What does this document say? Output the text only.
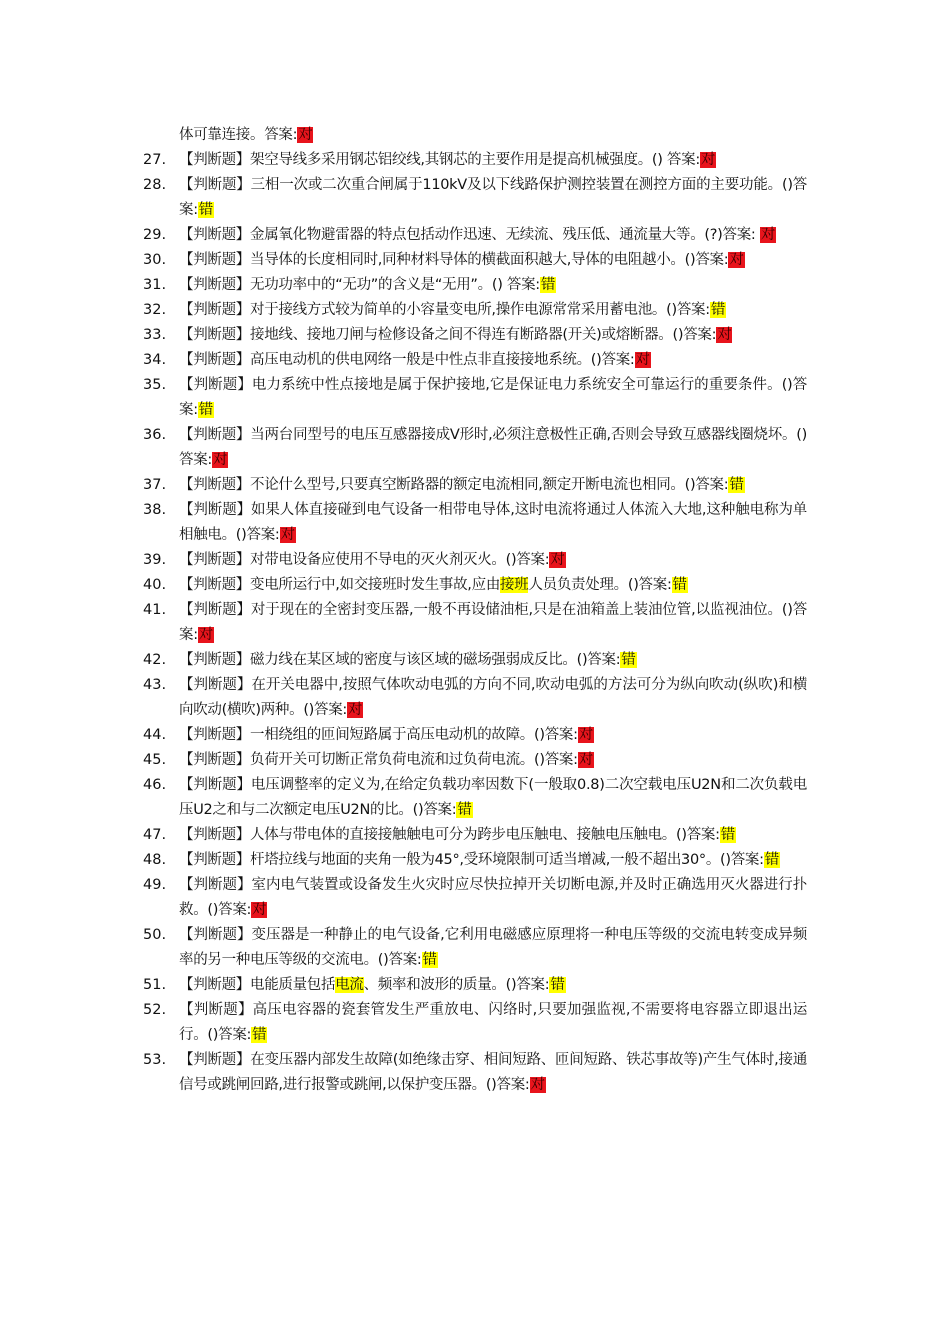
体可靠连接。答案:对
27. 【判断题】架空导线多采用钢芯铝绞线,其钢芯的主要作用是提高机械强度。() 答案:对
28. 【判断题】三相一次或二次重合闸属于110kV及以下线路保护测控装置在测控方面的主要功能。()答案:错
29. 【判断题】金属氧化物避雷器的特点包括动作迅速、无续流、残压低、通流量大等。(?)答案: 对
30. 【判断题】当导体的长度相同时,同种材料导体的横截面积越大,导体的电阻越小。()答案:对
31. 【判断题】无功功率中的“无功”的含义是“无用”。() 答案:错
32. 【判断题】对于接线方式较为简单的小容量变电所,操作电源常常采用蓄电池。()答案:错
33. 【判断题】接地线、接地刀闸与检修设备之间不得连有断路器(开关)或熔断器。()答案:对
34. 【判断题】高压电动机的供电网络一般是中性点非直接接地系统。()答案:对
35. 【判断题】电力系统中性点接地是属于保护接地,它是保证电力系统安全可靠运行的重要条件。()答案:错
36. 【判断题】当两台同型号的电压互感器接成V形时,必须注意极性正确,否则会导致互感器线圈烧坏。()答案:对
37. 【判断题】不论什么型号,只要真空断路器的额定电流相同,额定开断电流也相同。()答案:错
38. 【判断题】如果人体直接碰到电气设备一相带电导体,这时电流将通过人体流入大地,这种触电称为单相触电。()答案:对
39. 【判断题】对带电设备应使用不导电的灭火剂灭火。()答案:对
40. 【判断题】变电所运行中,如交接班时发生事故,应由接班人员负责处理。()答案:错
41. 【判断题】对于现在的全密封变压器,一般不再设储油柜,只是在油箱盖上装油位管,以监视油位。()答案:对
42. 【判断题】磁力线在某区域的密度与该区域的磁场强弱成反比。()答案:错
43. 【判断题】在开关电器中,按照气体吹动电弧的方向不同,吹动电弧的方法可分为纵向吹动(纵吹)和横向吹动(横吹)两种。()答案:对
44. 【判断题】一相绕组的匝间短路属于高压电动机的故障。()答案:对
45. 【判断题】负荷开关可切断正常负荷电流和过负荷电流。()答案:对
46. 【判断题】电压调整率的定义为,在给定负载功率因数下(一般取0.8)二次空载电压U2N和二次负载电压U2之和与二次额定电压U2N的比。()答案:错
47. 【判断题】人体与带电体的直接接触触电可分为跨步电压触电、接触电压触电。()答案:错
48. 【判断题】杆塔拉线与地面的夹角一般为45°,受环境限制可适当增减,一般不超出30°。()答案:错
49. 【判断题】室内电气装置或设备发生火灾时应尽快拉掉开关切断电源,并及时正确选用灭火器进行扑救。()答案:对
50. 【判断题】变压器是一种静止的电气设备,它利用电磁感应原理将一种电压等级的交流电转变成异频率的另一种电压等级的交流电。()答案:错
51. 【判断题】电能质量包括电流、频率和波形的质量。()答案:错
52. 【判断题】高压电容器的瓷套管发生严重放电、闪络时,只要加强监视,不需要将电容器立即退出运行。()答案:错
53. 【判断题】在变压器内部发生故障(如绝缘击穿、相间短路、匝间短路、铁芯事故等)产生气体时,接通信号或跳闸回路,进行报警或跳闸,以保护变压器。()答案:对
